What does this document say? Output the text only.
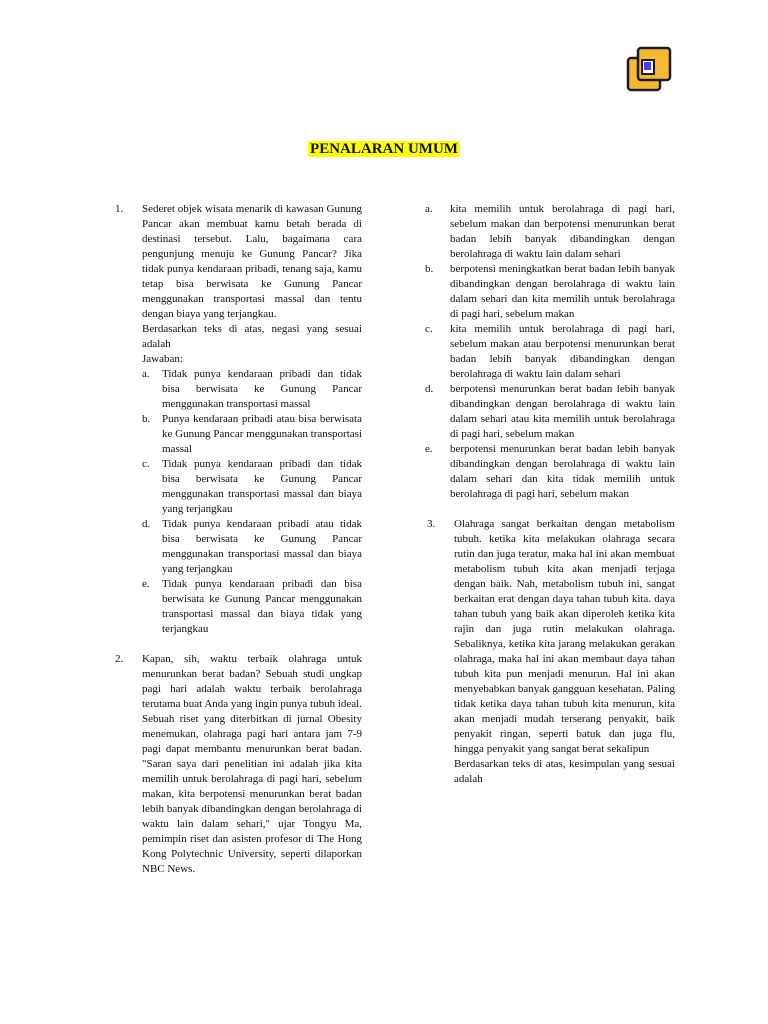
PENALARAN UMUM
1.	Sederet objek wisata menarik di kawasan Gunung Pancar akan membuat kamu betah berada di destinasi tersebut. Lalu, bagaimana cara pengunjung menuju ke Gunung Pancar? Jika tidak punya kendaraan pribadi, tenang saja, kamu tetap bisa berwisata ke Gunung Pancar menggunakan transportasi massal dan tentu dengan biaya yang terjangkau.

Berdasarkan teks di atas, negasi yang sesuai adalah

Jawaban:

a.	Tidak punya kendaraan pribadi dan tidak bisa berwisata ke Gunung Pancar menggunakan transportasi massal
b.	Punya kendaraan pribadi atau bisa berwisata ke Gunung Pancar menggunakan transportasi massal
c.	Tidak punya kendaraan pribadi dan tidak bisa berwisata ke Gunung Pancar menggunakan transportasi massal dan biaya yang terjangkau
d.	Tidak punya kendaraan pribadi atau tidak bisa berwisata ke Gunung Pancar menggunakan transportasi massal dan biaya yang terjangkau
e.	Tidak punya kendaraan pribadi dan bisa berwisata ke Gunung Pancar menggunakan transportasi massal dan biaya tidak yang terjangkau
2.	Kapan, sih, waktu terbaik olahraga untuk menurunkan berat badan? Sebuah studi ungkap pagi hari adalah waktu terbaik berolahraga terutama buat Anda yang ingin punya tubuh ideal. Sebuah riset yang diterbitkan di jurnal Obesity menemukan, olahraga pagi hari antara jam 7-9 pagi dapat membantu menurunkan berat badan. "Saran saya dari penelitian ini adalah jika kita memilih untuk berolahraga di pagi hari, sebelum makan, kita berpotensi menurunkan berat badan lebih banyak dibandingkan dengan berolahraga di waktu lain dalam sehari," ujar Tongyu Ma, pemimpin riset dan asisten profesor di The Hong Kong Polytechnic University, seperti dilaporkan NBC News.

a.	kita memilih untuk berolahraga di pagi hari, sebelum makan dan berpotensi menurunkan berat badan lebih banyak dibandingkan dengan berolahraga di waktu lain dalam sehari
b.	berpotensi meningkatkan berat badan lebih banyak dibandingkan dengan berolahraga di waktu lain dalam sehari dan kita memilih untuk berolahraga di pagi hari, sebelum makan
c.	kita memilih untuk berolahraga di pagi hari, sebelum makan atau berpotensi menurunkan berat badan lebih banyak dibandingkan dengan berolahraga di waktu lain dalam sehari
d.	berpotensi menurunkan berat badan lebih banyak dibandingkan dengan berolahraga di waktu lain dalam sehari atau kita memilih untuk berolahraga di pagi hari, sebelum makan
e.	berpotensi menurunkan berat badan lebih banyak dibandingkan dengan berolahraga di waktu lain dalam sehari dan kita tidak memilih untuk berolahraga di pagi hari, sebelum makan
3.	Olahraga sangat berkaitan dengan metabolism tubuh. ketika kita melakukan olahraga secara rutin dan juga teratur, maka hal ini akan membuat metabolism tubuh kita akan menjadi terjaga dengan baik. Nah, metabolism tubuh ini, sangat berkaitan erat dengan daya tahan tubuh kita. daya tahan tubuh yang baik akan diperoleh ketika kita rajin dan juga rutin melakukan olahraga. Sebaliknya, ketika kita jarang melakukan gerakan olahraga, maka hal ini akan membaut daya tahan tubuh kita pun menjadi menurun. Hal ini akan menyebabkan banyak gangguan kesehatan. Paling tidak ketika daya tahan tubuh kita menurun, kita akan menjadi mudah terserang penyakit, baik penyakit ringan, seperti batuk dan juga flu, hingga penyakit yang sangat berat sekalipun

Berdasarkan teks di atas, kesimpulan yang sesuai adalah
